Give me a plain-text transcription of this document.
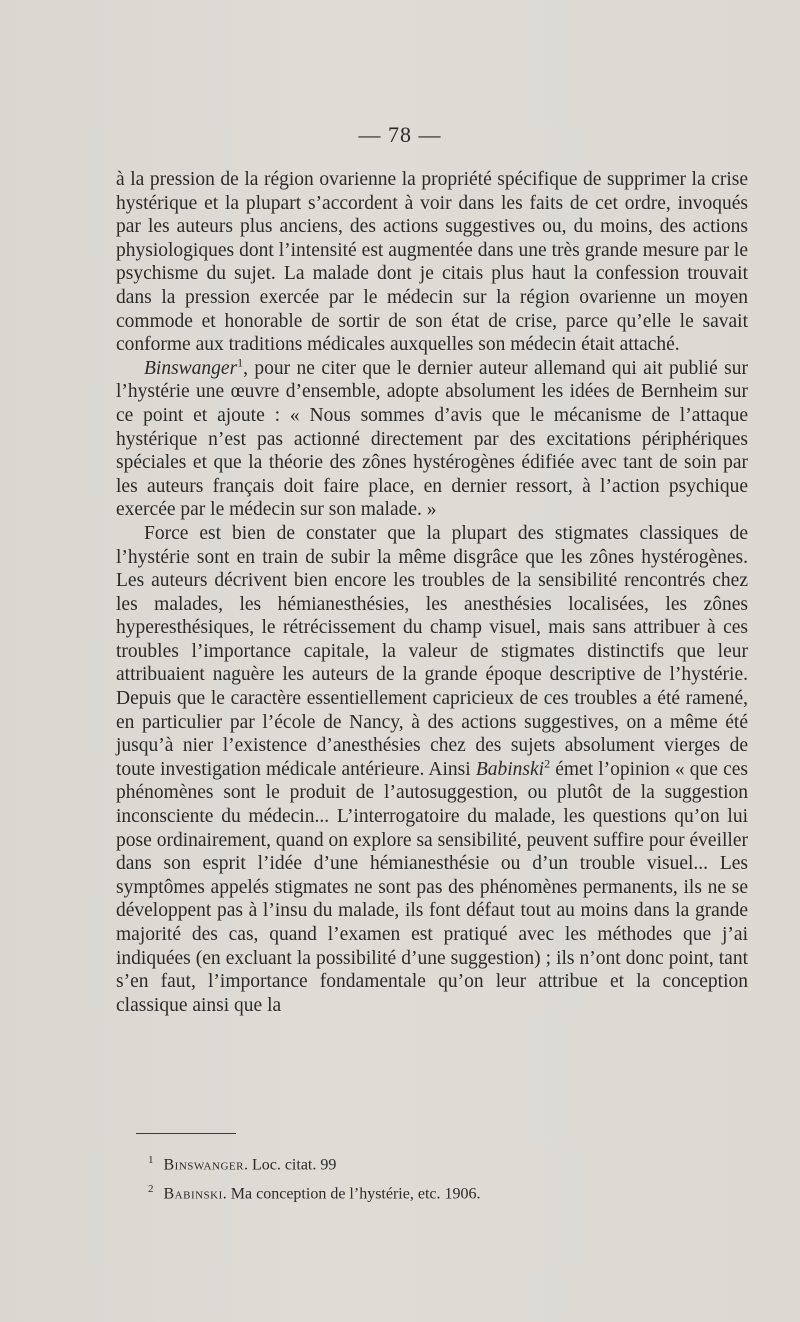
— 78 —

à la pression de la région ovarienne la propriété spécifique de supprimer la crise hystérique et la plupart s’accordent à voir dans les faits de cet ordre, invoqués par les auteurs plus anciens, des actions suggestives ou, du moins, des actions physiologiques dont l’intensité est augmentée dans une très grande mesure par le psychisme du sujet. La malade dont je citais plus haut la confession trouvait dans la pression exercée par le médecin sur la région ovarienne un moyen commode et honorable de sortir de son état de crise, parce qu’elle le savait conforme aux traditions médicales auxquelles son médecin était attaché.

Binswanger$^1$, pour ne citer que le dernier auteur allemand qui ait publié sur l’hystérie une œuvre d’ensemble, adopte absolument les idées de Bernheim sur ce point et ajoute : « Nous sommes d’avis que le mécanisme de l’attaque hystérique n’est pas actionné directement par des excitations périphériques spéciales et que la théorie des zônes hystérogènes édifiée avec tant de soin par les auteurs français doit faire place, en dernier ressort, à l’action psychique exercée par le médecin sur son malade. »

Force est bien de constater que la plupart des stigmates classiques de l’hystérie sont en train de subir la même disgrâce que les zônes hystérogènes. Les auteurs décrivent bien encore les troubles de la sensibilité rencontrés chez les malades, les hémianesthésies, les anesthésies localisées, les zônes hyperesthésiques, le rétrécissement du champ visuel, mais sans attribuer à ces troubles l’importance capitale, la valeur de stigmates distinctifs que leur attribuaient naguère les auteurs de la grande époque descriptive de l’hystérie. Depuis que le caractère essentiellement capricieux de ces troubles a été ramené, en particulier par l’école de Nancy, à des actions suggestives, on a même été jusqu’à nier l’existence d’anesthésies chez des sujets absolument vierges de toute investigation médicale antérieure. Ainsi Babinski$^2$ émet l’opinion « que ces phénomènes sont le produit de l’autosuggestion, ou plutôt de la suggestion inconsciente du médecin... L’interrogatoire du malade, les questions qu’on lui pose ordinairement, quand on explore sa sensibilité, peuvent suffire pour éveiller dans son esprit l’idée d’une hémianesthésie ou d’un trouble visuel... Les symptômes appelés stigmates ne sont pas des phénomènes permanents, ils ne se développent pas à l’insu du malade, ils font défaut tout au moins dans la grande majorité des cas, quand l’examen est pratiqué avec les méthodes que j’ai indiquées (en excluant la possibilité d’une suggestion) ; ils n’ont donc point, tant s’en faut, l’importance fondamentale qu’on leur attribue et la conception classique ainsi que la

$^1$ Binswanger. Loc. citat. 99
$^2$ Babinski. Ma conception de l’hystérie, etc. 1906.
